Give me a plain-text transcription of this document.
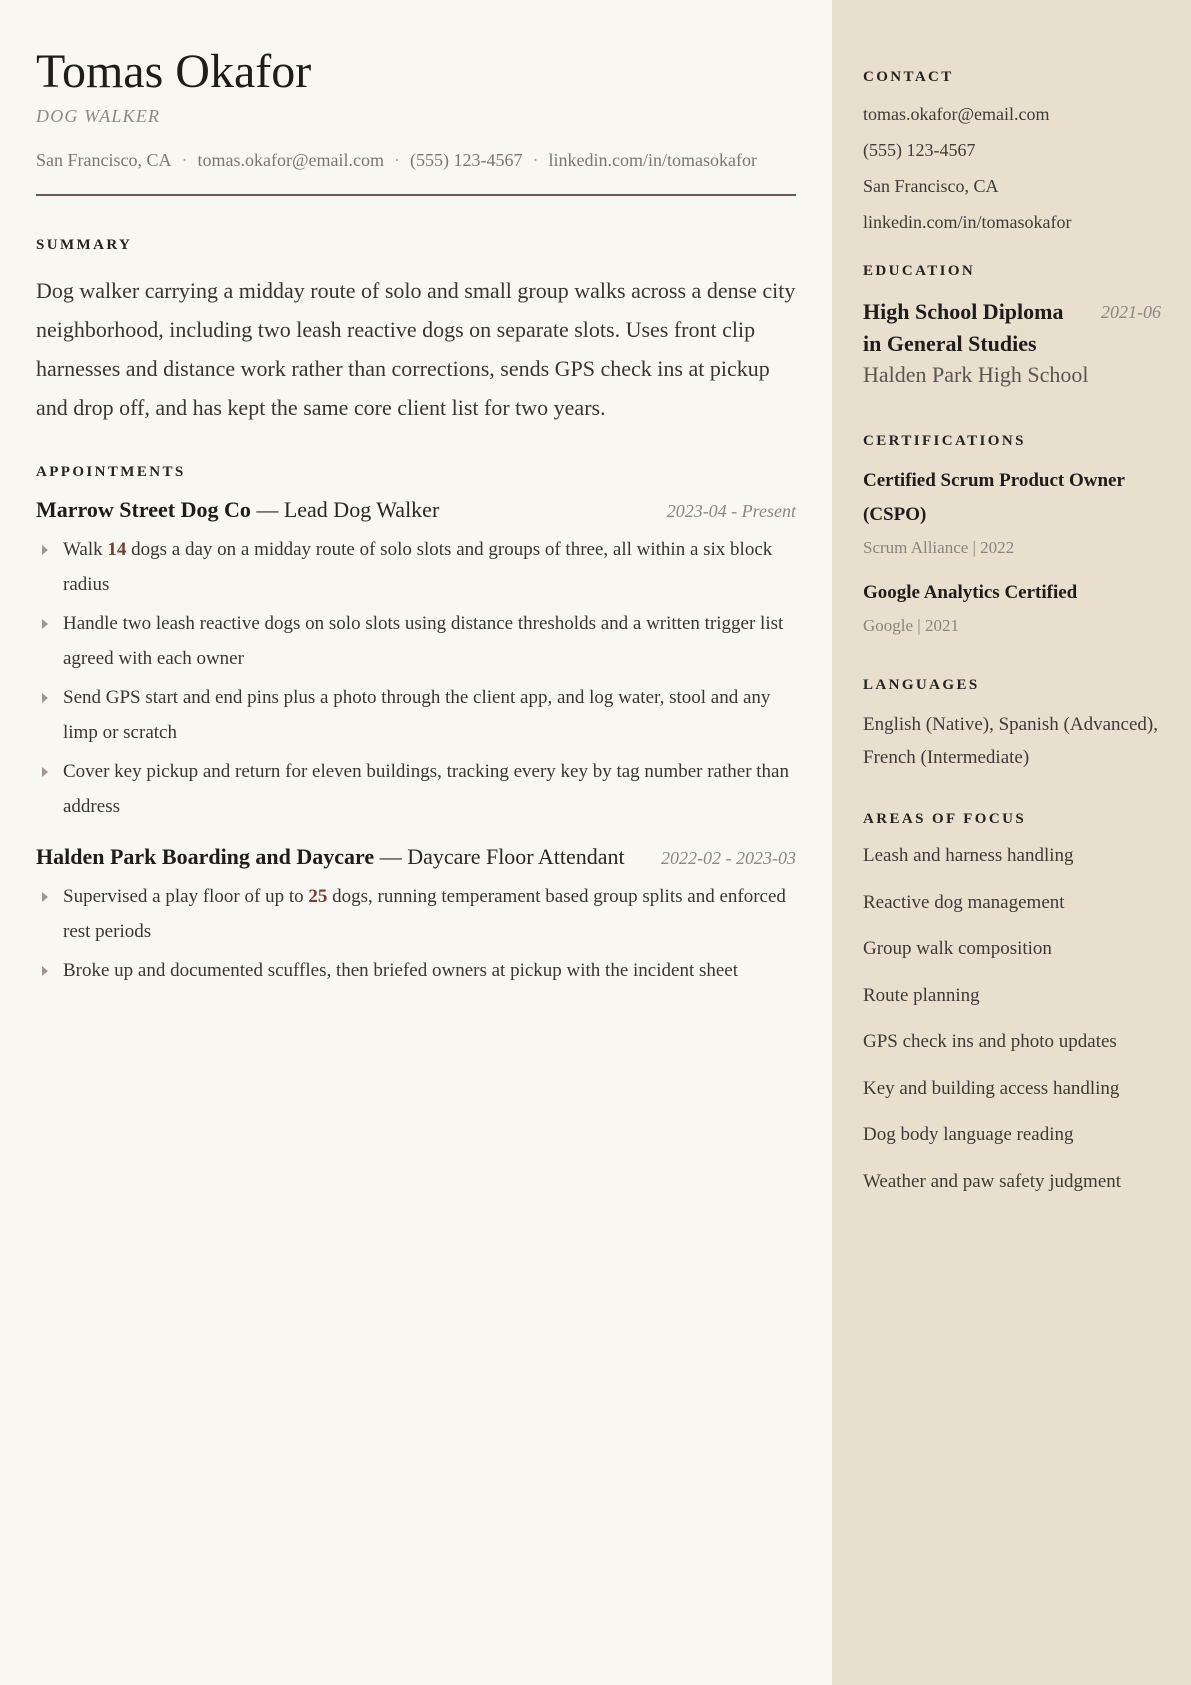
Tomas Okafor
DOG WALKER
San Francisco, CA · tomas.okafor@email.com · (555) 123-4567 · linkedin.com/in/tomasokafor
SUMMARY
Dog walker carrying a midday route of solo and small group walks across a dense city neighborhood, including two leash reactive dogs on separate slots. Uses front clip harnesses and distance work rather than corrections, sends GPS check ins at pickup and drop off, and has kept the same core client list for two years.
APPOINTMENTS
Marrow Street Dog Co — Lead Dog Walker	2023-04 - Present
Walk 14 dogs a day on a midday route of solo slots and groups of three, all within a six block radius
Handle two leash reactive dogs on solo slots using distance thresholds and a written trigger list agreed with each owner
Send GPS start and end pins plus a photo through the client app, and log water, stool and any limp or scratch
Cover key pickup and return for eleven buildings, tracking every key by tag number rather than address
Halden Park Boarding and Daycare — Daycare Floor Attendant 2022-02 - 2023-03
Supervised a play floor of up to 25 dogs, running temperament based group splits and enforced rest periods
Broke up and documented scuffles, then briefed owners at pickup with the incident sheet
CONTACT
tomas.okafor@email.com
(555) 123-4567
San Francisco, CA
linkedin.com/in/tomasokafor
EDUCATION
High School Diploma in General Studies
2021-06
Halden Park High School
CERTIFICATIONS
Certified Scrum Product Owner (CSPO)
Scrum Alliance | 2022
Google Analytics Certified
Google | 2021
LANGUAGES
English (Native), Spanish (Advanced), French (Intermediate)
AREAS OF FOCUS
Leash and harness handling
Reactive dog management
Group walk composition
Route planning
GPS check ins and photo updates
Key and building access handling
Dog body language reading
Weather and paw safety judgment
